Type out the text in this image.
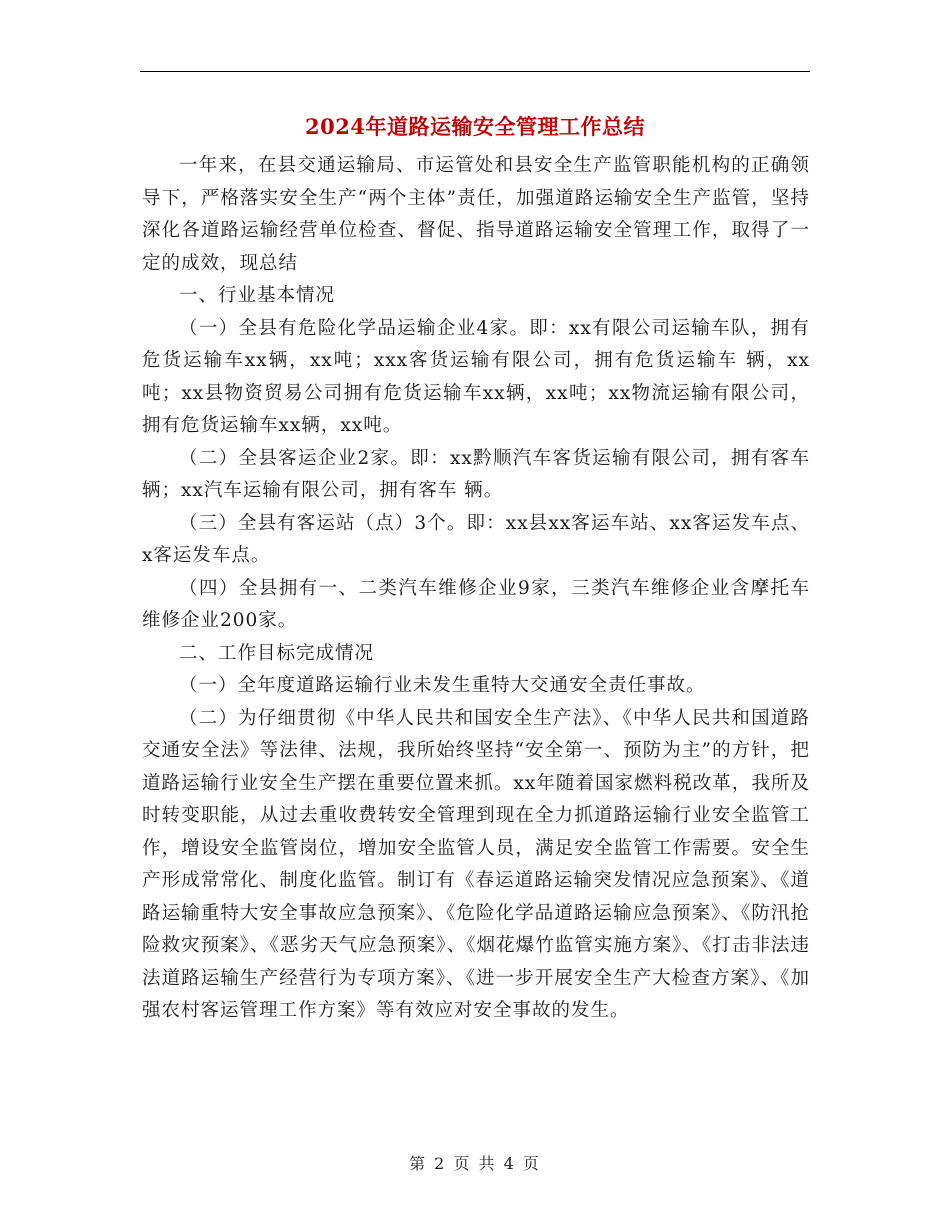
2024年道路运输安全管理工作总结

一年来，在县交通运输局、市运管处和县安全生产监管职能机构的正确领导下，严格落实安全生产“两个主体”责任，加强道路运输安全生产监管，坚持深化各道路运输经营单位检查、督促、指导道路运输安全管理工作，取得了一定的成效，现总结

一、行业基本情况

（一）全县有危险化学品运输企业4家。即：xx有限公司运输车队，拥有危货运输车xx辆，xx吨；xxx客货运输有限公司，拥有危货运输车 辆，xx 吨；xx县物资贸易公司拥有危货运输车xx辆，xx吨；xx物流运输有限公司，拥有危货运输车xx辆，xx吨。

（二）全县客运企业2家。即：xx黔顺汽车客货运输有限公司，拥有客车 辆；xx汽车运输有限公司，拥有客车 辆。

（三）全县有客运站（点）3个。即：xx县xx客运车站、xx客运发车点、x客运发车点。

（四）全县拥有一、二类汽车维修企业9家，三类汽车维修企业含摩托车维修企业200家。

二、工作目标完成情况

（一）全年度道路运输行业未发生重特大交通安全责任事故。

（二）为仔细贯彻《中华人民共和国安全生产法》、《中华人民共和国道路交通安全法》等法律、法规，我所始终坚持“安全第一、预防为主”的方针，把道路运输行业安全生产摆在重要位置来抓。xx年随着国家燃料税改革，我所及时转变职能，从过去重收费转安全管理到现在全力抓道路运输行业安全监管工作，增设安全监管岗位，增加安全监管人员，满足安全监管工作需要。安全生产形成常常化、制度化监管。制订有《春运道路运输突发情况应急预案》、《道路运输重特大安全事故应急预案》、《危险化学品道路运输应急预案》、《防汛抢险救灾预案》、《恶劣天气应急预案》、《烟花爆竹监管实施方案》、《打击非法违法道路运输生产经营行为专项方案》、《进一步开展安全生产大检查方案》、《加强农村客运管理工作方案》等有效应对安全事故的发生。

第 2 页 共 4 页
